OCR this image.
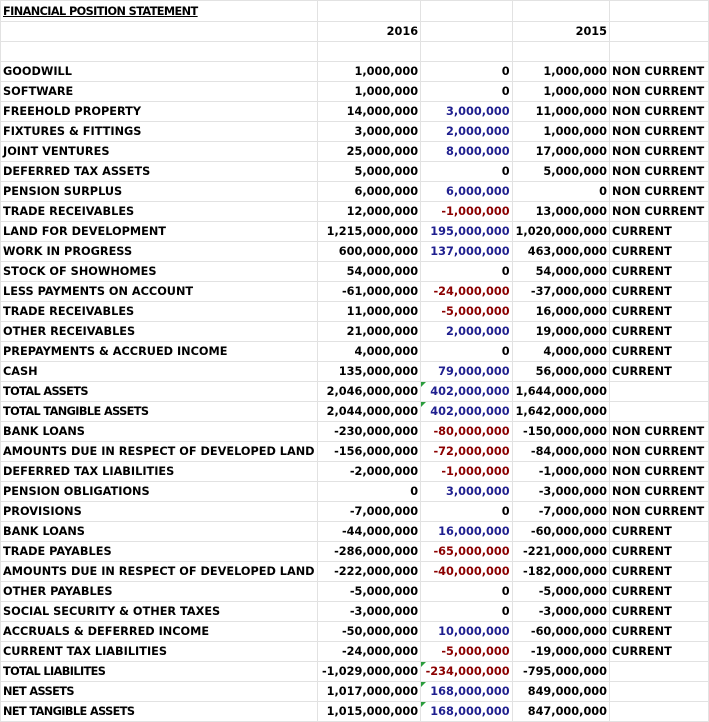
FINANCIAL POSITION STATEMENT				
	2016		2015	

GOODWILL	1,000,000	0	1,000,000	NON CURRENT
SOFTWARE	1,000,000	0	1,000,000	NON CURRENT
FREEHOLD PROPERTY	14,000,000	3,000,000	11,000,000	NON CURRENT
FIXTURES & FITTINGS	3,000,000	2,000,000	1,000,000	NON CURRENT
JOINT VENTURES	25,000,000	8,000,000	17,000,000	NON CURRENT
DEFERRED TAX ASSETS	5,000,000	0	5,000,000	NON CURRENT
PENSION SURPLUS	6,000,000	6,000,000	0	NON CURRENT
TRADE RECEIVABLES	12,000,000	-1,000,000	13,000,000	NON CURRENT
LAND FOR DEVELOPMENT	1,215,000,000	195,000,000	1,020,000,000	CURRENT
WORK IN PROGRESS	600,000,000	137,000,000	463,000,000	CURRENT
STOCK OF SHOWHOMES	54,000,000	0	54,000,000	CURRENT
LESS PAYMENTS ON ACCOUNT	-61,000,000	-24,000,000	-37,000,000	CURRENT
TRADE RECEIVABLES	11,000,000	-5,000,000	16,000,000	CURRENT
OTHER RECEIVABLES	21,000,000	2,000,000	19,000,000	CURRENT
PREPAYMENTS & ACCRUED INCOME	4,000,000	0	4,000,000	CURRENT
CASH	135,000,000	79,000,000	56,000,000	CURRENT
TOTAL ASSETS	2,046,000,000	402,000,000	1,644,000,000	
TOTAL TANGIBLE ASSETS	2,044,000,000	402,000,000	1,642,000,000	
BANK LOANS	-230,000,000	-80,000,000	-150,000,000	NON CURRENT
AMOUNTS DUE IN RESPECT OF DEVELOPED LAND	-156,000,000	-72,000,000	-84,000,000	NON CURRENT
DEFERRED TAX LIABILITIES	-2,000,000	-1,000,000	-1,000,000	NON CURRENT
PENSION OBLIGATIONS	0	3,000,000	-3,000,000	NON CURRENT
PROVISIONS	-7,000,000	0	-7,000,000	NON CURRENT
BANK LOANS	-44,000,000	16,000,000	-60,000,000	CURRENT
TRADE PAYABLES	-286,000,000	-65,000,000	-221,000,000	CURRENT
AMOUNTS DUE IN RESPECT OF DEVELOPED LAND	-222,000,000	-40,000,000	-182,000,000	CURRENT
OTHER PAYABLES	-5,000,000	0	-5,000,000	CURRENT
SOCIAL SECURITY & OTHER TAXES	-3,000,000	0	-3,000,000	CURRENT
ACCRUALS & DEFERRED INCOME	-50,000,000	10,000,000	-60,000,000	CURRENT
CURRENT TAX LIABILITIES	-24,000,000	-5,000,000	-19,000,000	CURRENT
TOTAL LIABILITES	-1,029,000,000	-234,000,000	-795,000,000	
NET ASSETS	1,017,000,000	168,000,000	849,000,000	
NET TANGIBLE ASSETS	1,015,000,000	168,000,000	847,000,000	
